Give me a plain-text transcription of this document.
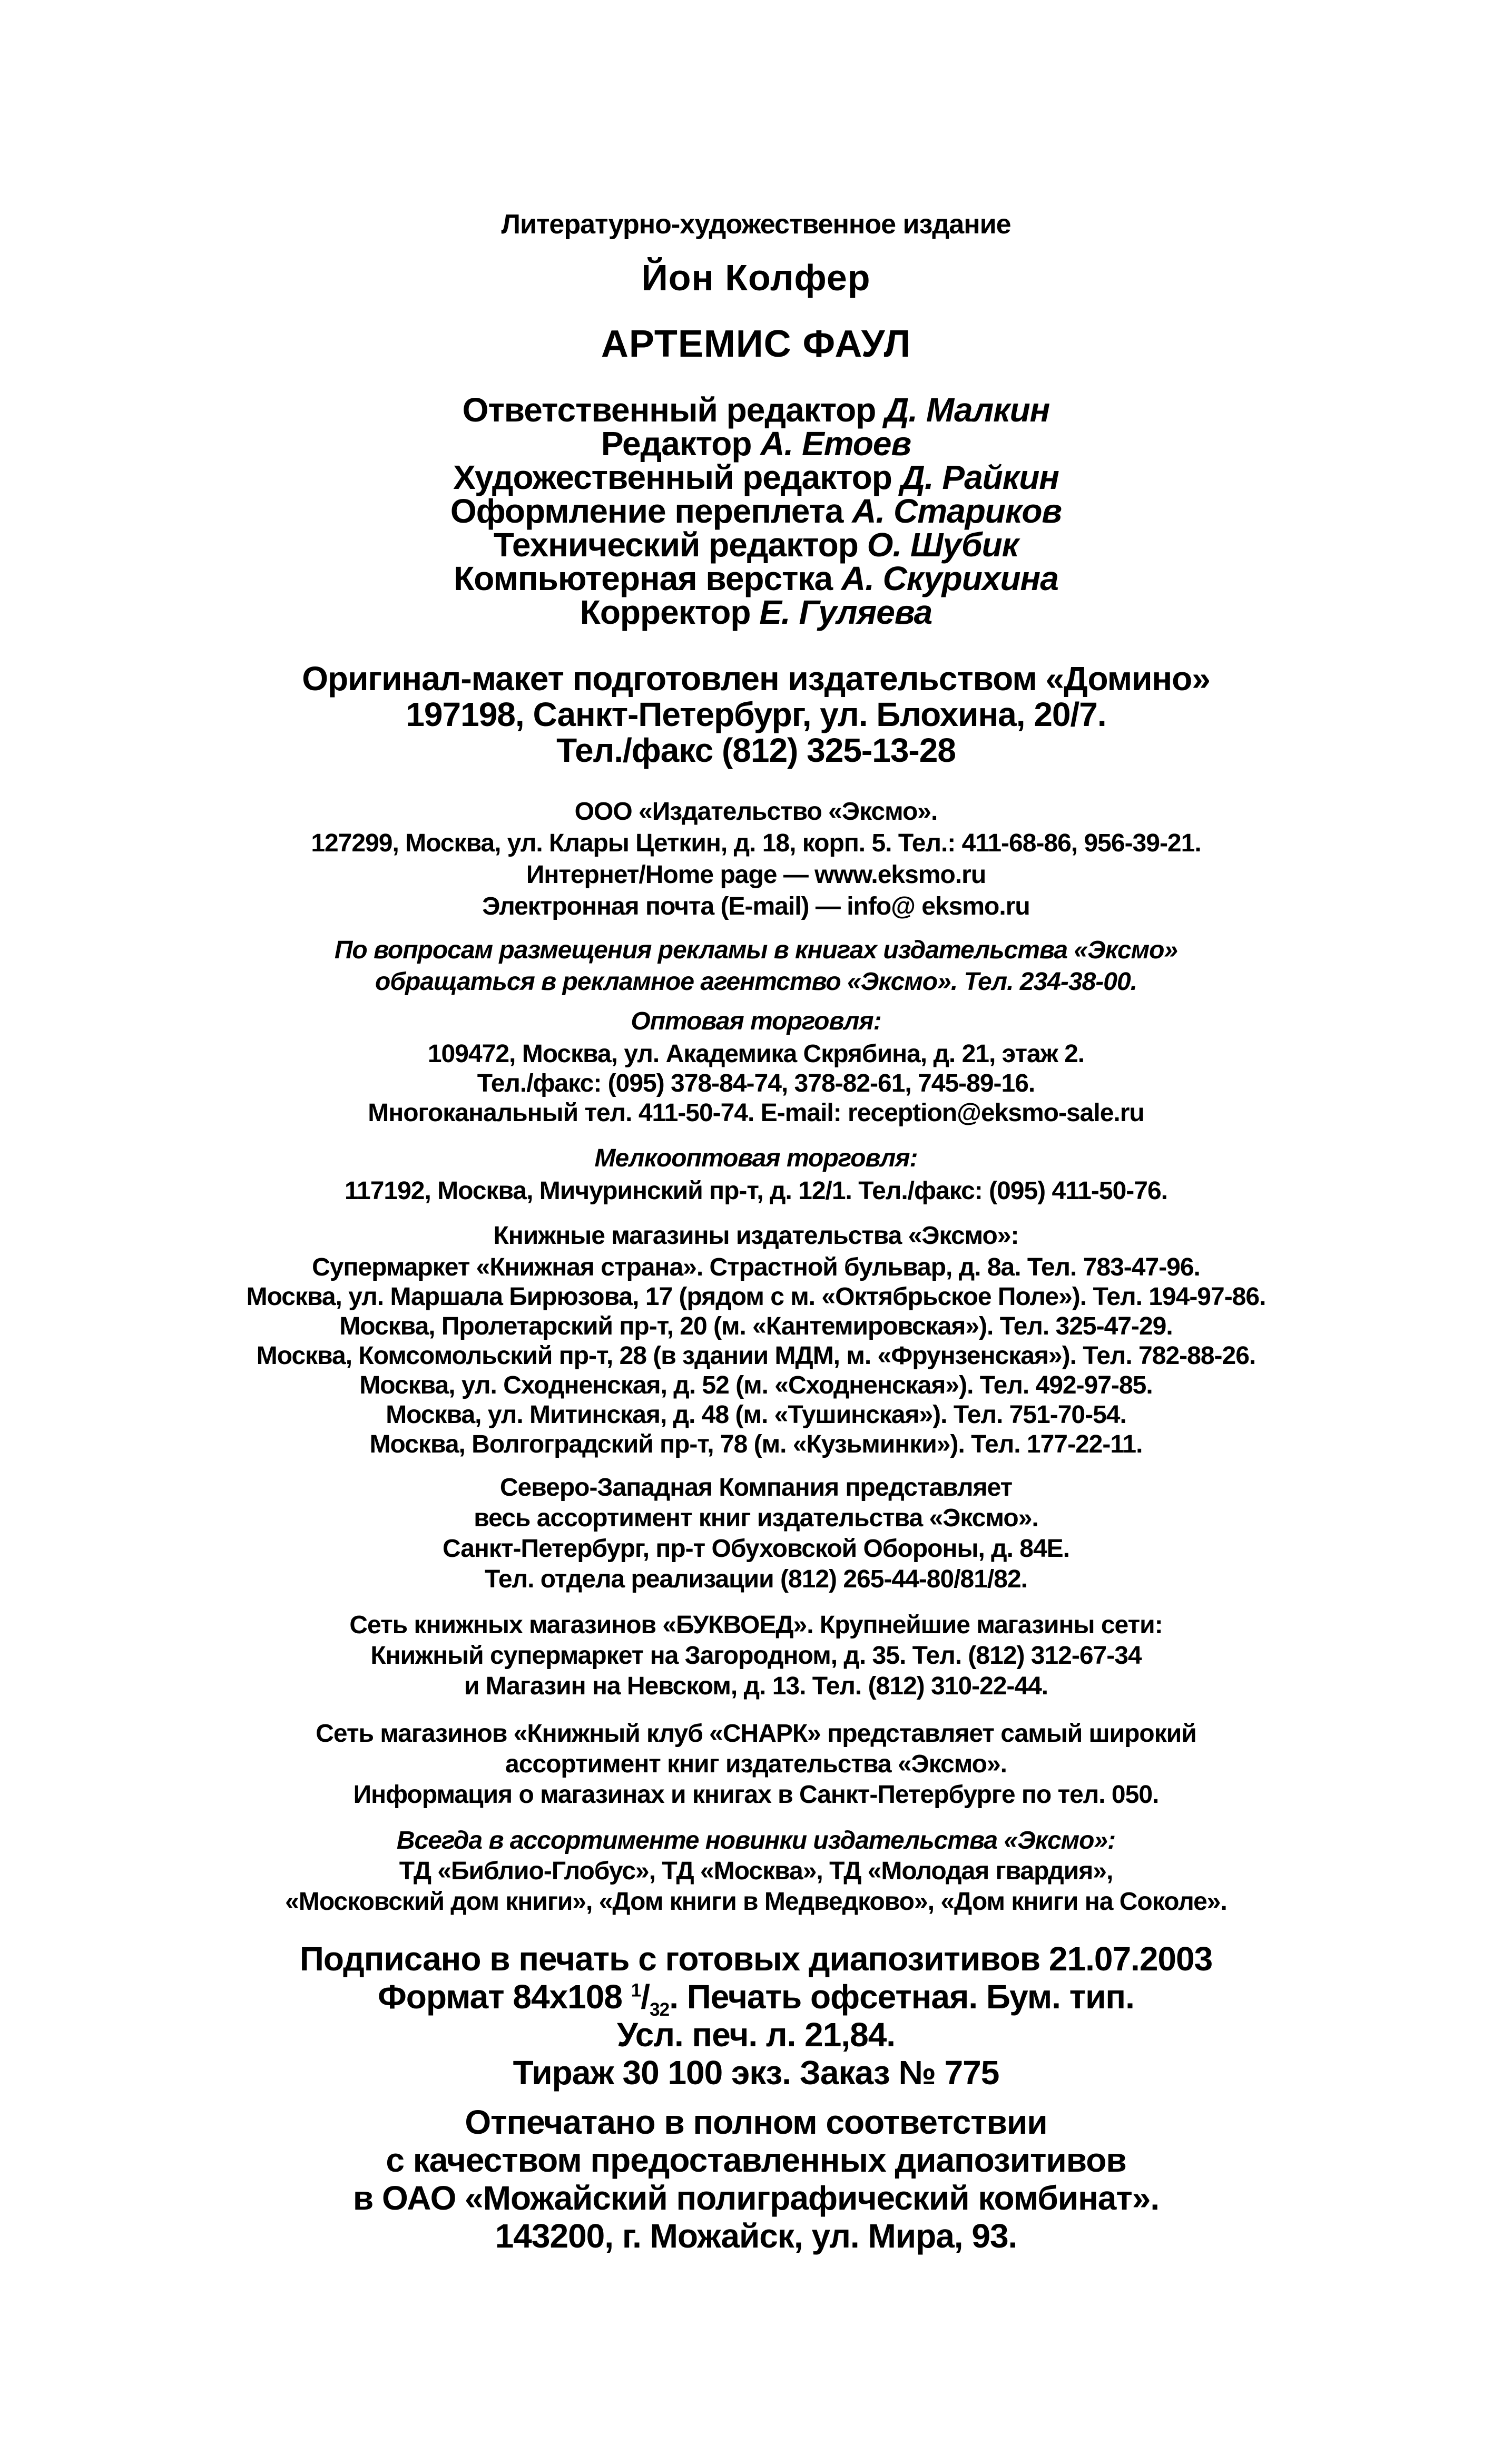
Литературно-художественное издание
Йон Колфер
АРТЕМИС ФАУЛ
Ответственный редактор Д. Малкин
Редактор А. Етоев
Художественный редактор Д. Райкин
Оформление переплета А. Стариков
Технический редактор О. Шубик
Компьютерная верстка А. Скурихина
Корректор Е. Гуляева
Оригинал-макет подготовлен издательством «Домино»
197198, Санкт-Петербург, ул. Блохина, 20/7.
Тел./факс (812) 325-13-28
ООО «Издательство «Эксмо».
127299, Москва, ул. Клары Цеткин, д. 18, корп. 5. Тел.: 411-68-86, 956-39-21.
Интернет/Home page — www.eksmo.ru
Электронная почта (E-mail) — info@ eksmo.ru
По вопросам размещения рекламы в книгах издательства «Эксмо»
обращаться в рекламное агентство «Эксмо». Тел. 234-38-00.
Оптовая торговля:
109472, Москва, ул. Академика Скрябина, д. 21, этаж 2.
Тел./факс: (095) 378-84-74, 378-82-61, 745-89-16.
Многоканальный тел. 411-50-74. E-mail: reception@eksmo-sale.ru
Мелкооптовая торговля:
117192, Москва, Мичуринский пр-т, д. 12/1. Тел./факс: (095) 411-50-76.
Книжные магазины издательства «Эксмо»:
Супермаркет «Книжная страна». Страстной бульвар, д. 8а. Тел. 783-47-96.
Москва, ул. Маршала Бирюзова, 17 (рядом с м. «Октябрьское Поле»). Тел. 194-97-86.
Москва, Пролетарский пр-т, 20 (м. «Кантемировская»). Тел. 325-47-29.
Москва, Комсомольский пр-т, 28 (в здании МДМ, м. «Фрунзенская»). Тел. 782-88-26.
Москва, ул. Сходненская, д. 52 (м. «Сходненская»). Тел. 492-97-85.
Москва, ул. Митинская, д. 48 (м. «Тушинская»). Тел. 751-70-54.
Москва, Волгоградский пр-т, 78 (м. «Кузьминки»). Тел. 177-22-11.
Северо-Западная Компания представляет
весь ассортимент книг издательства «Эксмо».
Санкт-Петербург, пр-т Обуховской Обороны, д. 84Е.
Тел. отдела реализации (812) 265-44-80/81/82.
Сеть книжных магазинов «БУКВОЕД». Крупнейшие магазины сети:
Книжный супермаркет на Загородном, д. 35. Тел. (812) 312-67-34
и Магазин на Невском, д. 13. Тел. (812) 310-22-44.
Сеть магазинов «Книжный клуб «СНАРК» представляет самый широкий
ассортимент книг издательства «Эксмо».
Информация о магазинах и книгах в Санкт-Петербурге по тел. 050.
Всегда в ассортименте новинки издательства «Эксмо»:
ТД «Библио-Глобус», ТД «Москва», ТД «Молодая гвардия»,
«Московский дом книги», «Дом книги в Медведково», «Дом книги на Соколе».
Подписано в печать с готовых диапозитивов 21.07.2003
Формат 84х108 $^1/_{32}$. Печать офсетная. Бум. тип.
Усл. печ. л. 21,84.
Тираж 30 100 экз. Заказ № 775
Отпечатано в полном соответствии
с качеством предоставленных диапозитивов
в ОАО «Можайский полиграфический комбинат».
143200, г. Можайск, ул. Мира, 93.
